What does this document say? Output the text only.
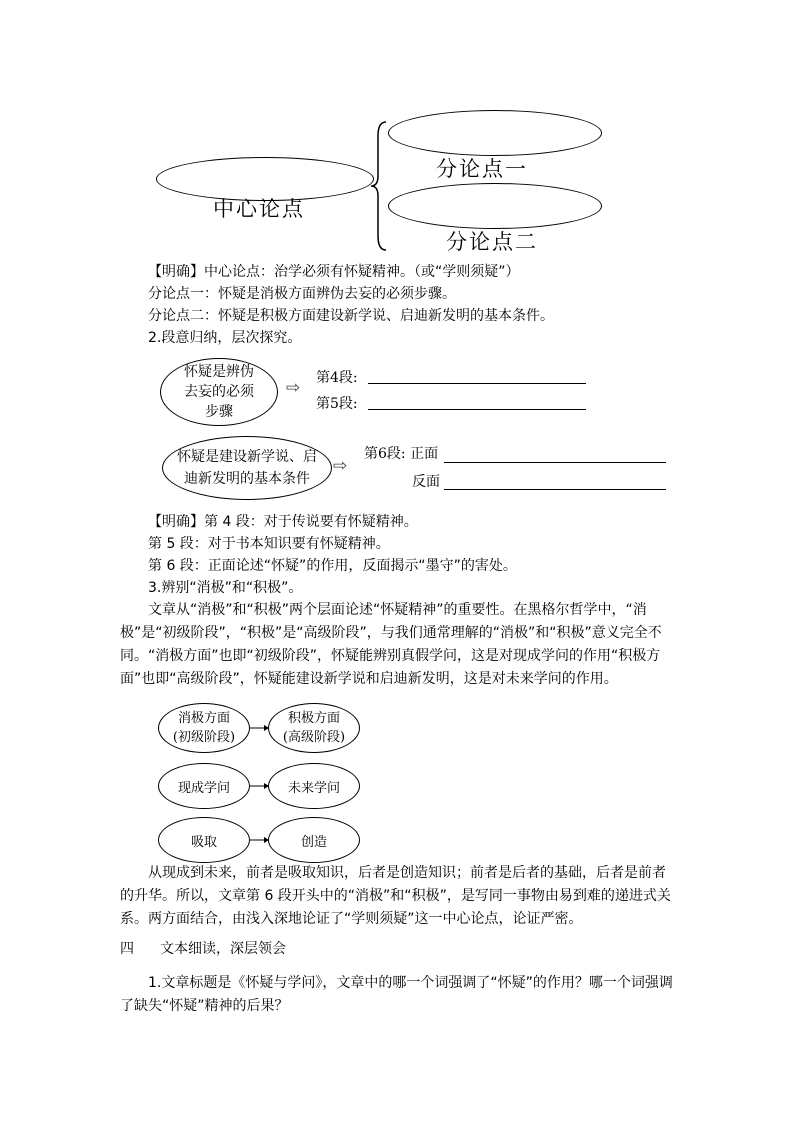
中心论点
分论点一
分论点二
【明确】中心论点：治学必须有怀疑精神。（或“学则须疑”）
分论点一：怀疑是消极方面辨伪去妄的必须步骤。
分论点二：怀疑是积极方面建设新学说、启迪新发明的基本条件。
2.段意归纳，层次探究。
怀疑是辨伪去妄的必须步骤
⇨ 第4段:
第5段:
怀疑是建设新学说、启迪新发明的基本条件
⇨
第6段: 正面
反面
【明确】第 4 段：对于传说要有怀疑精神。
第 5 段：对于书本知识要有怀疑精神。
第 6 段：正面论述“怀疑”的作用，反面揭示“墨守”的害处。
3.辨别“消极”和“积极”。
文章从“消极”和“积极”两个层面论述“怀疑精神”的重要性。在黑格尔哲学中，“消极”是“初级阶段”，“积极”是“高级阶段”，与我们通常理解的“消极”和“积极”意义完全不同。“消极方面”也即“初级阶段”，怀疑能辨别真假学问，这是对现成学问的作用“积极方面”也即“高级阶段”，怀疑能建设新学说和启迪新发明，这是对未来学问的作用。
消极方面
(初级阶段)
积极方面
(高级阶段)
现成学问	未来学问
吸取	创造
从现成到未来，前者是吸取知识，后者是创造知识；前者是后者的基础，后者是前者的升华。所以，文章第 6 段开头中的“消极”和“积极”，是写同一事物由易到难的递进式关系。两方面结合，由浅入深地论证了“学则须疑”这一中心论点，论证严密。
四 文本细读，深层领会
1.文章标题是《怀疑与学问》，文章中的哪一个词强调了“怀疑”的作用？哪一个词强调了缺失“怀疑”精神的后果？
